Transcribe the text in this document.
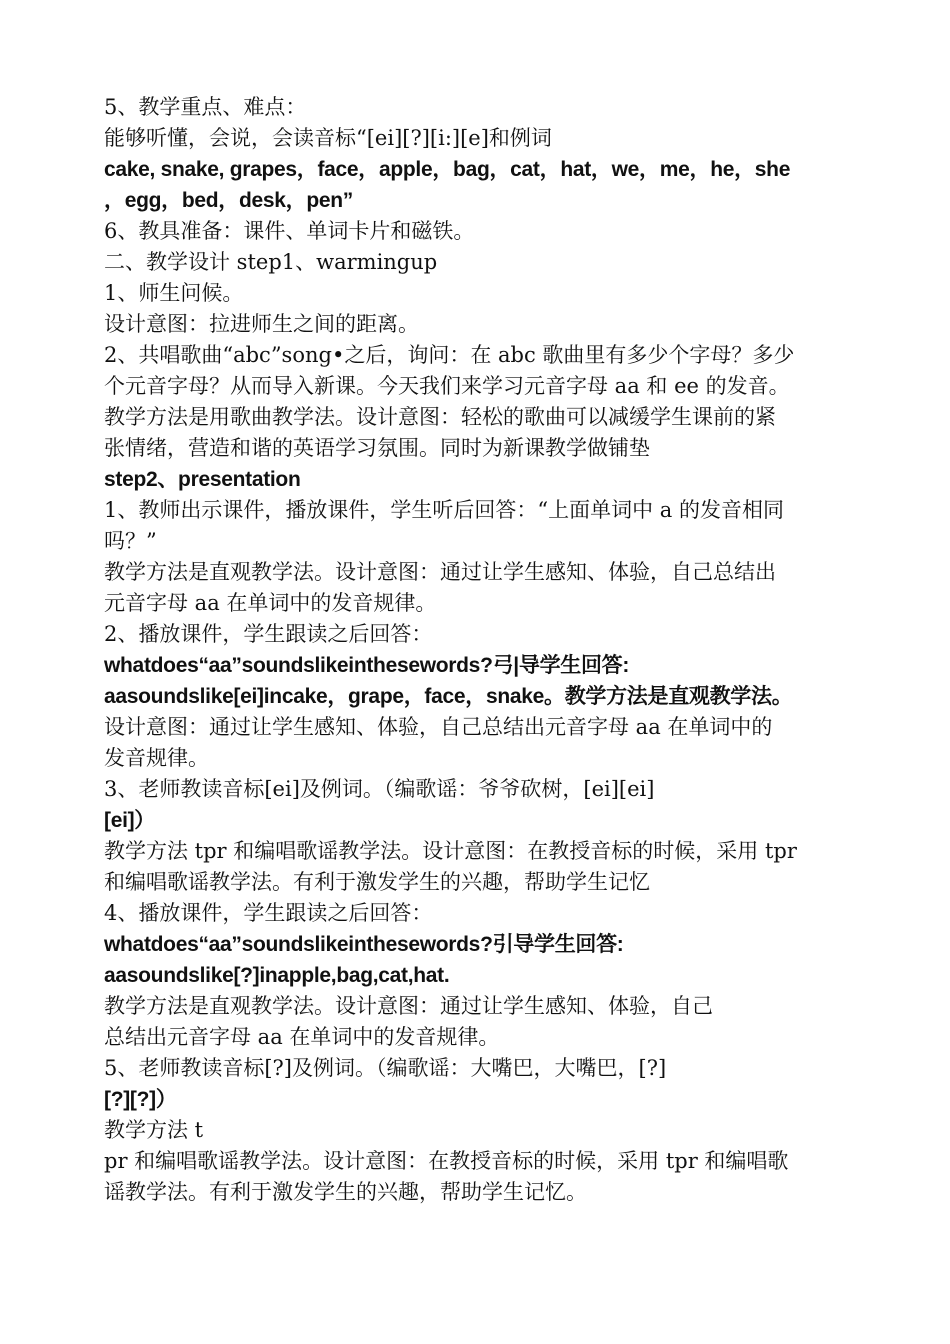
5、教学重点、难点：
能够听懂，会说，会读音标“[ei][?][i:][e]和例词
cake, snake, grapes，face，apple，bag，cat，hat，we，me，he，she
，egg，bed，desk，pen”
6、教具准备：课件、单词卡片和磁铁。
二、教学设计 step1、warmingup
1、师生问候。
设计意图：拉进师生之间的距离。
2、共唱歌曲“abc”song•之后，询问：在 abc 歌曲里有多少个字母？多少
个元音字母？从而导入新课。今天我们来学习元音字母 aa 和 ee 的发音。
教学方法是用歌曲教学法。设计意图：轻松的歌曲可以减缓学生课前的紧
张情绪，营造和谐的英语学习氛围。同时为新课教学做铺垫
step2、presentation
1、教师出示课件，播放课件，学生听后回答：“上面单词中 a 的发音相同
吗？”
教学方法是直观教学法。设计意图：通过让学生感知、体验，自己总结出
元音字母 aa 在单词中的发音规律。
2、播放课件，学生跟读之后回答：
whatdoes“aa”soundslikeinthesewords?弓|导学生回答:
aasoundslike[ei]incake，grape，face，snake。教学方法是直观教学法。
设计意图：通过让学生感知、体验，自己总结出元音字母 aa 在单词中的
发音规律。
3、老师教读音标[ei]及例词。（编歌谣：爷爷砍树，[ei][ei]
[ei]）
教学方法 tpr 和编唱歌谣教学法。设计意图：在教授音标的时候，采用 tpr
和编唱歌谣教学法。有利于激发学生的兴趣，帮助学生记忆
4、播放课件，学生跟读之后回答：
whatdoes“aa”soundslikeinthesewords?引导学生回答:
aasoundslike[?]inapple,bag,cat,hat.
教学方法是直观教学法。设计意图：通过让学生感知、体验，自己
总结出元音字母 aa 在单词中的发音规律。
5、老师教读音标[?]及例词。（编歌谣：大嘴巴，大嘴巴，[?]
[?][?]）
教学方法 t
pr 和编唱歌谣教学法。设计意图：在教授音标的时候，采用 tpr 和编唱歌
谣教学法。有利于激发学生的兴趣，帮助学生记忆。
